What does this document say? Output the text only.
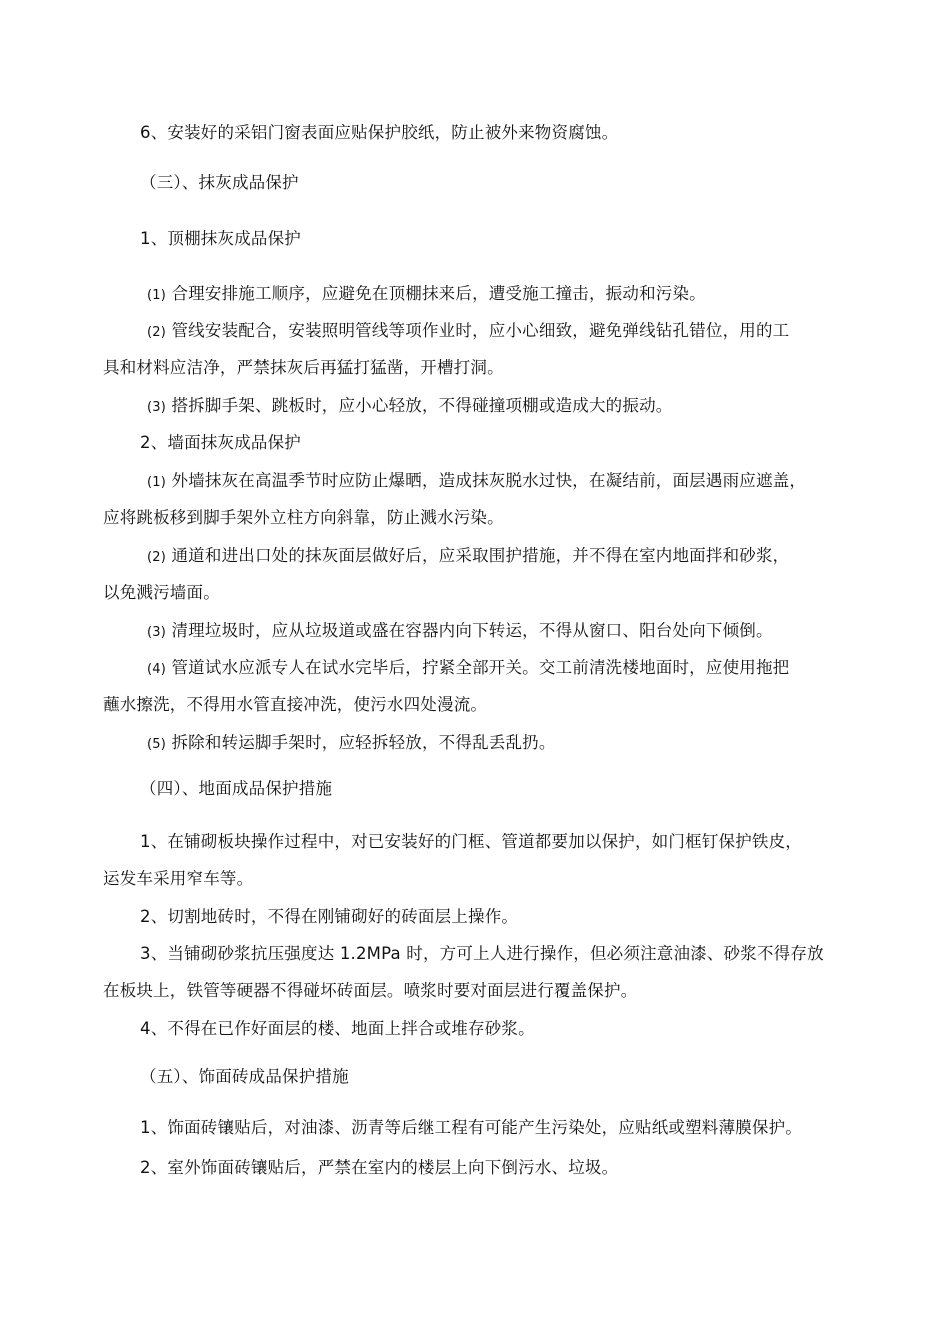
6、安装好的采铝门窗表面应贴保护胶纸，防止被外来物资腐蚀。
（三）、抹灰成品保护
1、顶棚抹灰成品保护
(1) 合理安排施工顺序，应避免在顶棚抹来后，遭受施工撞击，振动和污染。
(2) 管线安装配合，安装照明管线等项作业时，应小心细致，避免弹线钻孔错位，用的工
具和材料应洁净，严禁抹灰后再猛打猛凿，开槽打洞。
(3) 搭拆脚手架、跳板时，应小心轻放，不得碰撞项棚或造成大的振动。
2、墙面抹灰成品保护
(1) 外墙抹灰在高温季节时应防止爆晒，造成抹灰脱水过快，在凝结前，面层遇雨应遮盖，
应将跳板移到脚手架外立柱方向斜靠，防止溅水污染。
(2) 通道和进出口处的抹灰面层做好后，应采取围护措施，并不得在室内地面拌和砂浆，
以免溅污墙面。
(3) 清理垃圾时，应从垃圾道或盛在容器内向下转运，不得从窗口、阳台处向下倾倒。
(4) 管道试水应派专人在试水完毕后，拧紧全部开关。交工前清洗楼地面时，应使用拖把
蘸水擦洗，不得用水管直接冲洗，使污水四处漫流。
(5) 拆除和转运脚手架时，应轻拆轻放，不得乱丢乱扔。
（四）、地面成品保护措施
1、在铺砌板块操作过程中，对已安装好的门框、管道都要加以保护，如门框钉保护铁皮，
运发车采用窄车等。
2、切割地砖时，不得在刚铺砌好的砖面层上操作。
3、当铺砌砂浆抗压强度达 1.2MPa 时，方可上人进行操作，但必须注意油漆、砂浆不得存放
在板块上，铁管等硬器不得碰坏砖面层。喷浆时要对面层进行覆盖保护。
4、不得在已作好面层的楼、地面上拌合或堆存砂浆。
（五）、饰面砖成品保护措施
1、饰面砖镶贴后，对油漆、沥青等后继工程有可能产生污染处，应贴纸或塑料薄膜保护。
2、室外饰面砖镶贴后，严禁在室内的楼层上向下倒污水、垃圾。
